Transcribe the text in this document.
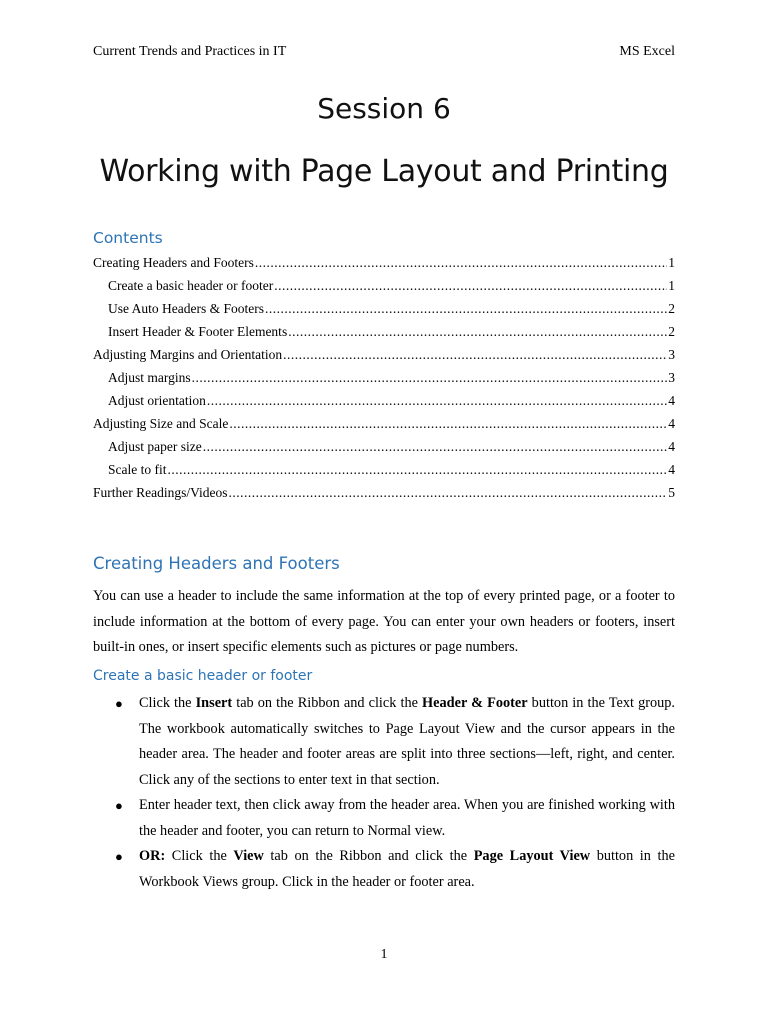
Current Trends and Practices in IT	MS Excel
Session 6
Working with Page Layout and Printing
Contents
Creating Headers and Footers .....	1
Create a basic header or footer .....	1
Use Auto Headers & Footers .....	2
Insert Header & Footer Elements .....	2
Adjusting Margins and Orientation .....	3
Adjust margins .....	3
Adjust orientation .....	4
Adjusting Size and Scale .....	4
Adjust paper size .....	4
Scale to fit .....	4
Further Readings/Videos .....	5
Creating Headers and Footers

You can use a header to include the same information at the top of every printed page, or a footer to include information at the bottom of every page. You can enter your own headers or footers, insert built-in ones, or insert specific elements such as pictures or page numbers.

Create a basic header or footer
● Click the Insert tab on the Ribbon and click the Header & Footer button in the Text group. The workbook automatically switches to Page Layout View and the cursor appears in the header area. The header and footer areas are split into three sections—left, right, and center. Click any of the sections to enter text in that section.
● Enter header text, then click away from the header area. When you are finished working with the header and footer, you can return to Normal view.
● OR: Click the View tab on the Ribbon and click the Page Layout View button in the Workbook Views group. Click in the header or footer area.
1
